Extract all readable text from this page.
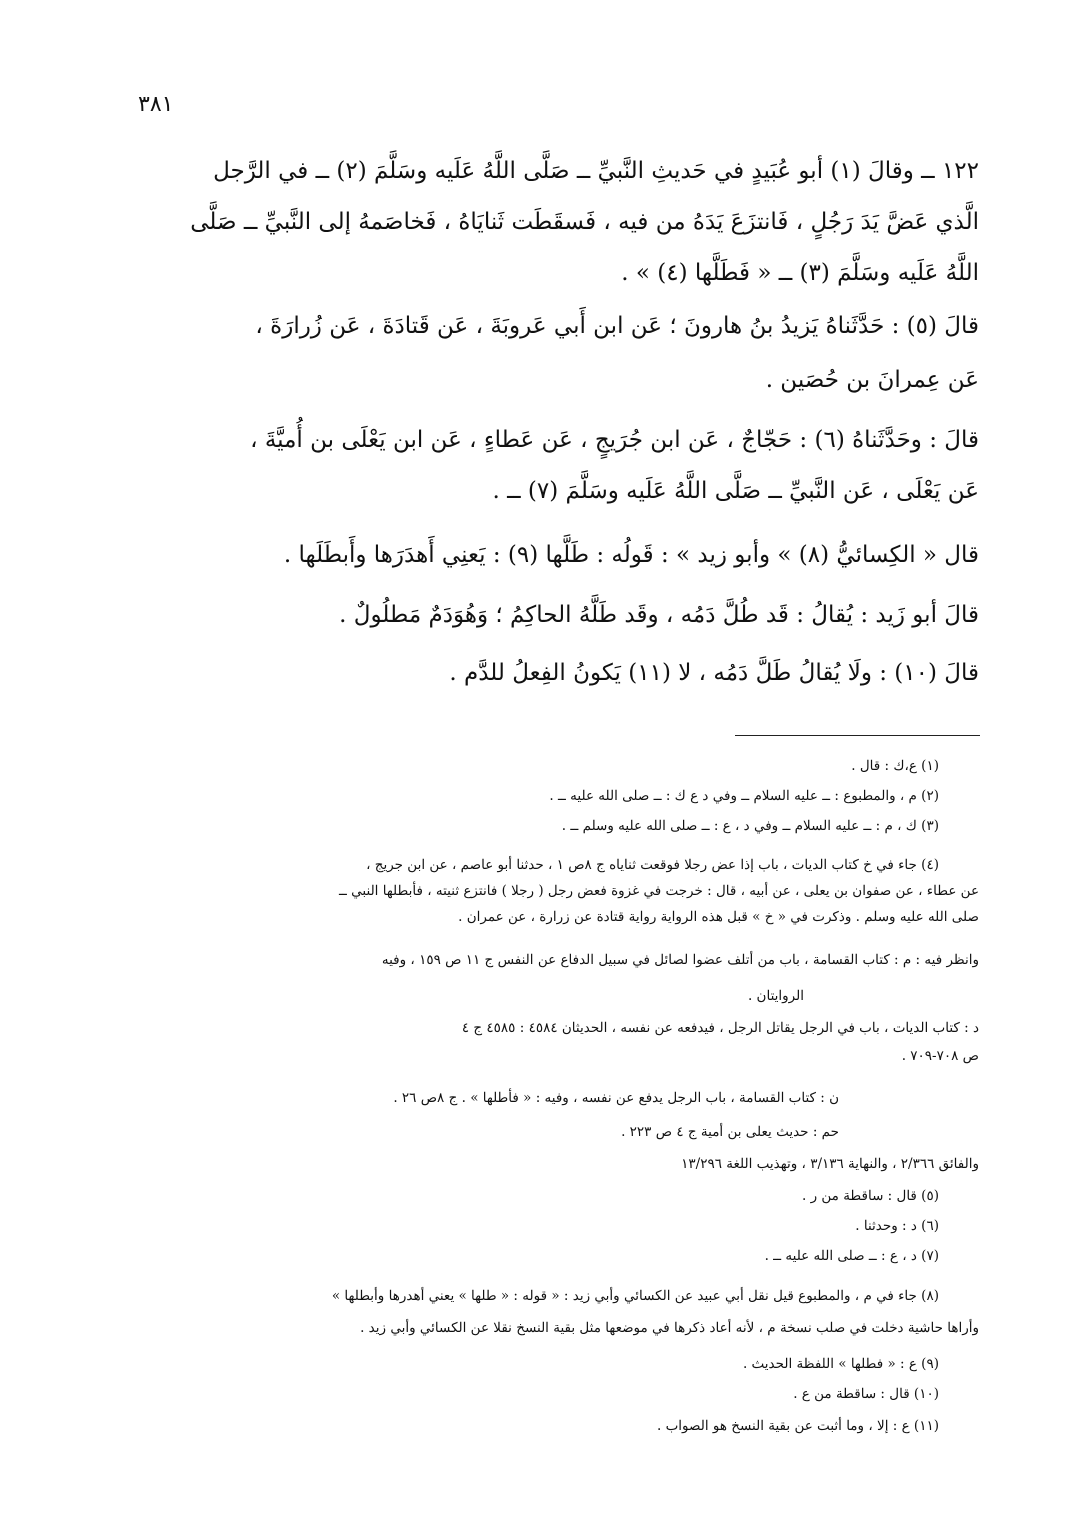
٣٨١
١٢٢ ــ وقالَ (١) أبو عُبَيدٍ في حَديثِ النَّبيِّ ــ صَلَّى اللَّهُ عَلَيه وسَلَّمَ (٢) ــ في الرَّجل
الَّذي عَضَّ يَدَ رَجُلٍ ، فَانتزَعَ يَدَهُ من فيه ، فَسقَطَت ثَنايَاهُ ، فَخاصَمهُ إلى النَّبيِّ ــ صَلَّى
اللَّهُ عَلَيه وسَلَّمَ (٣) ــ « فَطَلَّها (٤) » .
قالَ (٥) : حَدَّثَناهُ يَزيدُ بنُ هارونَ ؛ عَن ابن أَبي عَروبَةَ ، عَن قَتادَةَ ، عَن زُرارَةَ ،
عَن عِمرانَ بن حُصَين .
قالَ : وحَدَّثَناهُ (٦) : حَجّاجٌ ، عَن ابن جُرَيجٍ ، عَن عَطاءٍ ، عَن ابن يَعْلَى بن أُميَّةَ ،
عَن يَعْلَى ، عَن النَّبيِّ ــ صَلَّى اللَّهُ عَلَيه وسَلَّمَ (٧) ــ .
قال « الكِسائيُّ (٨) » وأبو زيد » : قَولُه : طَلَّها (٩) : يَعنِي أَهدَرَها وأَبطَلَها .
قالَ أبو زَيد : يُقالُ : قَد طُلَّ دَمُه ، وقَد طَلَّهُ الحاكِمُ ؛ وَهُوَدَمٌ مَطلُولٌ .
قالَ (١٠) : ولَا يُقالُ طَلَّ دَمُه ، لا (١١) يَكونُ الفِعلُ للدَّم .
(١) ع،ك : قال .
(٢) م ، والمطبوع : ــ عليه السلام ــ وفي د ع ك : ــ صلى الله عليه ــ .
(٣) ك ، م : ــ عليه السلام ــ وفي د ، ع : ــ صلى الله عليه وسلم ــ .
(٤) جاء في خ كتاب الديات ، باب إذا عض رجلا فوقعت ثناياه ج ٨ص ١ ، حدثنا أبو عاصم ، عن ابن جريج ،
عن عطاء ، عن صفوان بن يعلى ، عن أبيه ، قال : خرجت في غزوة فعض رجل ( رجلا ) فانتزع ثنيته ، فأبطلها النبي ــ
صلى الله عليه وسلم . وذكرت في « خ » قبل هذه الرواية رواية قتادة عن زرارة ، عن عمران .
وانظر فيه : م : كتاب القسامة ، باب من أتلف عضوا لصائل في سبيل الدفاع عن النفس ج ١١ ص ١٥٩ ، وفيه
الروايتان .
د : كتاب الديات ، باب في الرجل يقاتل الرجل ، فيدفعه عن نفسه ، الحديثان ٤٥٨٤ : ٤٥٨٥ ج ٤
ص ٧٠٨-٧٠٩ .
ن : كتاب القسامة ، باب الرجل يدفع عن نفسه ، وفيه : « فأطلها » . ج ٨ص ٢٦ .
حم : حديث يعلى بن أمية ج ٤ ص ٢٢٣ .
والفائق ٢/٣٦٦ ، والنهاية ٣/١٣٦ ، وتهذيب اللغة ١٣/٢٩٦
(٥) قال : ساقطة من ر .
(٦) د : وحدثنا .
(٧) د ، ع : ــ صلى الله عليه ــ .
(٨) جاء في م ، والمطبوع قيل نقل أبي عبيد عن الكسائي وأبي زيد : « قوله : « طلها » يعني أهدرها وأبطلها »
وأراها حاشية دخلت في صلب نسخة م ، لأنه أعاد ذكرها في موضعها مثل بقية النسخ نقلا عن الكسائي وأبي زيد .
(٩) ع : « فطلها » اللفظة الحديث .
(١٠) قال : ساقطة من ع .
(١١) ع : إلا ، وما أثبت عن بقية النسخ هو الصواب .
